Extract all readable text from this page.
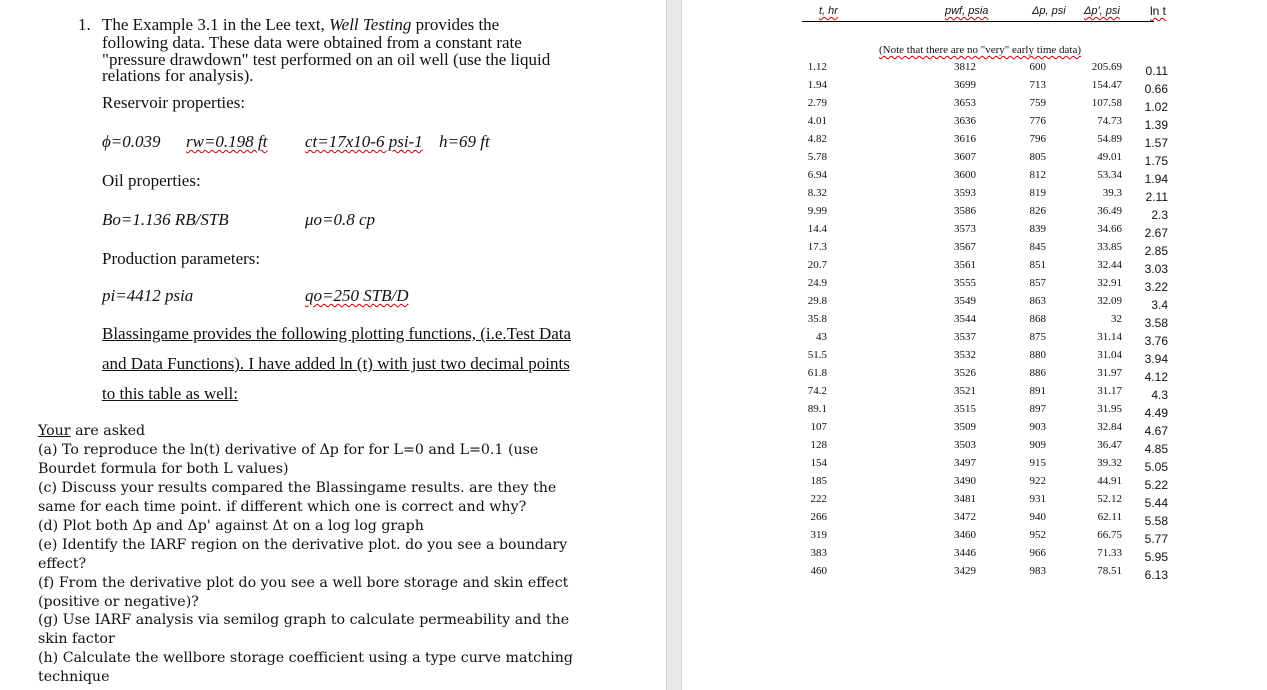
1. The Example 3.1 in the Lee text, Well Testing provides the
following data. These data were obtained from a constant rate
"pressure drawdown" test performed on an oil well (use the liquid
relations for analysis).
Reservoir properties:
ϕ=0.039 rw=0.198 ft ct=17x10-6 psi-1 h=69 ft
Oil properties:
Bo=1.136 RB/STB	μo=0.8 cp
Production parameters:
pi=4412 psia	qo=250 STB/D
Blassingame provides the following plotting functions, (i.e.Test Data
and Data Functions). I have added ln (t) with just two decimal points
to this table as well:
Your are asked
(a) To reproduce the ln(t) derivative of Δp for for L=0 and L=0.1 (use
Bourdet formula for both L values)
(c) Discuss your results compared the Blassingame results. are they the
same for each time point. if different which one is correct and why?
(d) Plot both Δp and Δp' against Δt on a log log graph
(e) Identify the IARF region on the derivative plot. do you see a boundary
effect?
(f) From the derivative plot do you see a well bore storage and skin effect
(positive or negative)?
(g) Use IARF analysis via semilog graph to calculate permeability and the
skin factor
(h) Calculate the wellbore storage coefficient using a type curve matching
technique
t, hr	pwf, psia	Δp, psi Δp', psi	ln t
(Note that there are no "very" early time data)
1.12	3812	600	205.69 0.11
1.94	3699	713	154.47 0.66
2.79	3653	759	107.58 1.02
4.01	3636	776	74.73 1.39
4.82	3616	796	54.89 1.57
5.78	3607	805	49.01 1.75
6.94	3600	812	53.34 1.94
8.32	3593	819	39.3 2.11
9.99	3586	826	36.49 2.3
14.4	3573	839	34.66 2.67
17.3	3567	845	33.85 2.85
20.7	3561	851	32.44 3.03
24.9	3555	857	32.91 3.22
29.8	3549	863	32.09 3.4
35.8	3544	868	32 3.58
43	3537	875	31.14 3.76
51.5	3532	880	31.04 3.94
61.8	3526	886	31.97 4.12
74.2	3521	891	31.17 4.3
89.1	3515	897	31.95 4.49
107	3509	903	32.84 4.67
128	3503	909	36.47 4.85
154	3497	915	39.32 5.05
185	3490	922	44.91 5.22
222	3481	931	52.12 5.44
266	3472	940	62.11 5.58
319	3460	952	66.75 5.77
383	3446	966	71.33 5.95
460	3429	983	78.51 6.13
